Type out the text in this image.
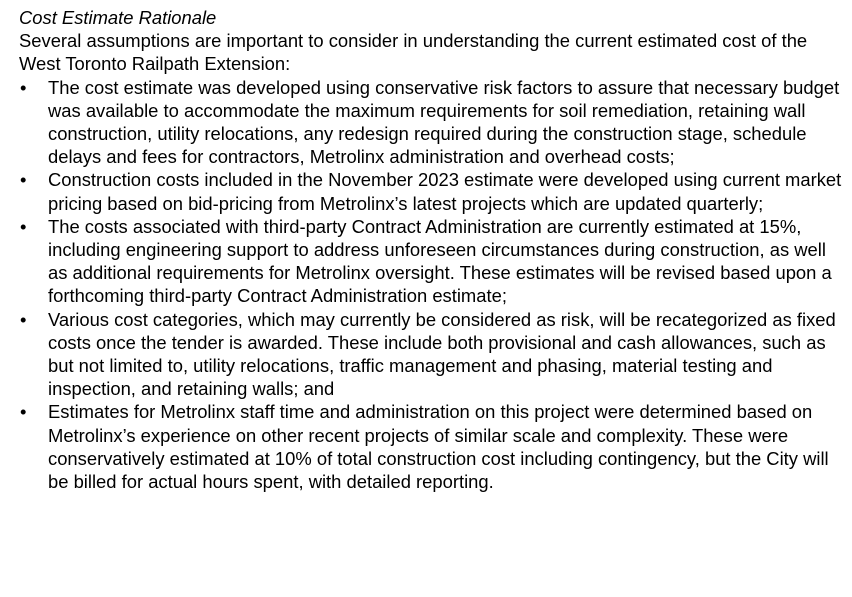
Cost Estimate Rationale

Several assumptions are important to consider in understanding the current estimated cost of the West Toronto Railpath Extension:

•	The cost estimate was developed using conservative risk factors to assure that necessary budget was available to accommodate the maximum requirements for soil remediation, retaining wall construction, utility relocations, any redesign required during the construction stage, schedule delays and fees for contractors, Metrolinx administration and overhead costs;
•	Construction costs included in the November 2023 estimate were developed using current market pricing based on bid-pricing from Metrolinx’s latest projects which are updated quarterly;
•	The costs associated with third-party Contract Administration are currently estimated at 15%, including engineering support to address unforeseen circumstances during construction, as well as additional requirements for Metrolinx oversight. These estimates will be revised based upon a forthcoming third-party Contract Administration estimate;
•	Various cost categories, which may currently be considered as risk, will be recategorized as fixed costs once the tender is awarded. These include both provisional and cash allowances, such as but not limited to, utility relocations, traffic management and phasing, material testing and inspection, and retaining walls; and
•	Estimates for Metrolinx staff time and administration on this project were determined based on Metrolinx’s experience on other recent projects of similar scale and complexity. These were conservatively estimated at 10% of total construction cost including contingency, but the City will be billed for actual hours spent, with detailed reporting.
